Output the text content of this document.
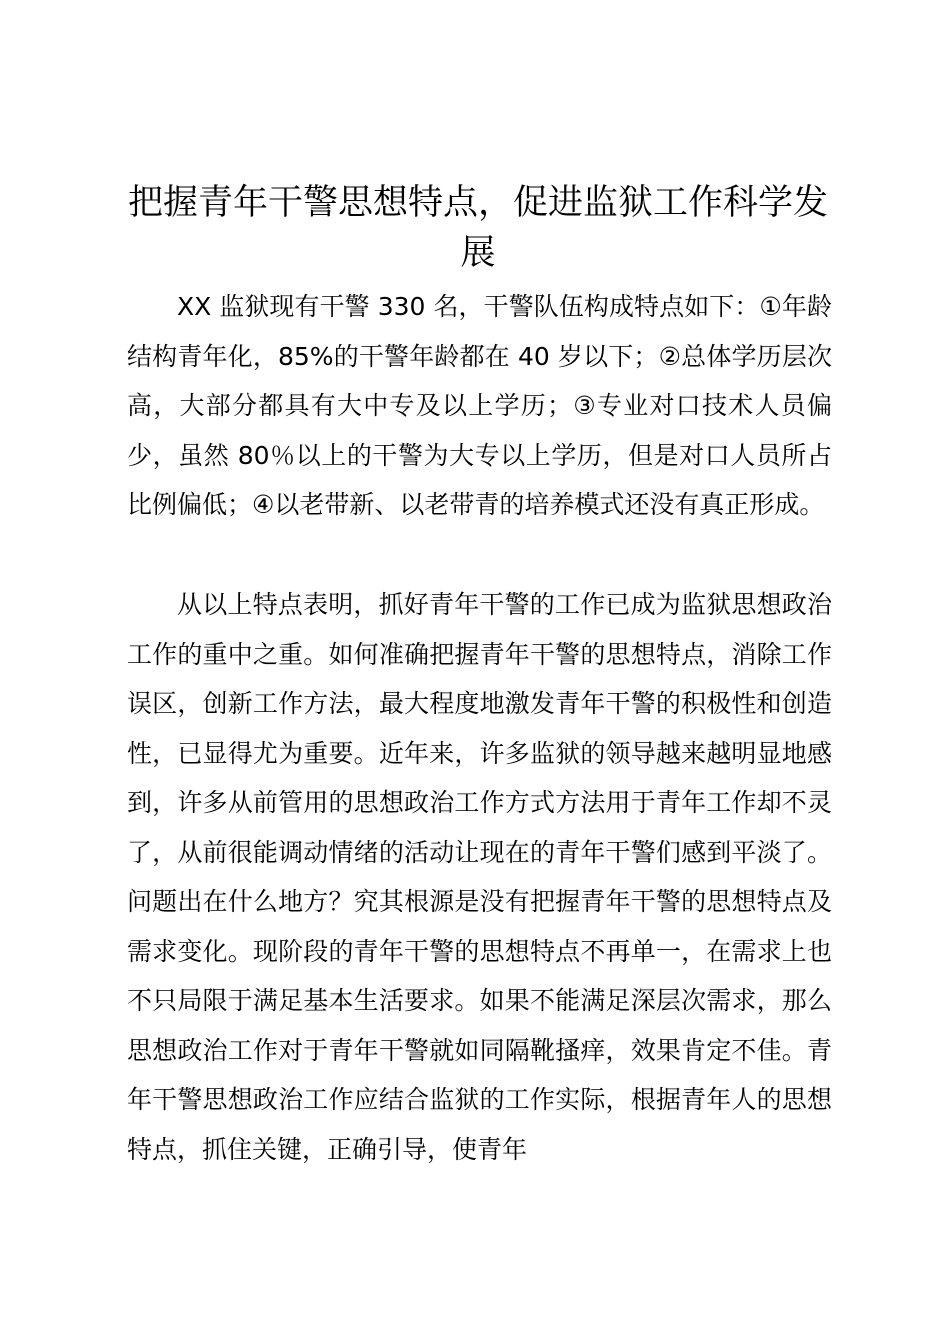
把握青年干警思想特点，促进监狱工作科学发展

XX 监狱现有干警 330 名，干警队伍构成特点如下：①年龄结构青年化，85%的干警年龄都在 40 岁以下；②总体学历层次高，大部分都具有大中专及以上学历；③专业对口技术人员偏少，虽然 80％以上的干警为大专以上学历，但是对口人员所占比例偏低；④以老带新、以老带青的培养模式还没有真正形成。

从以上特点表明，抓好青年干警的工作已成为监狱思想政治工作的重中之重。如何准确把握青年干警的思想特点，消除工作误区，创新工作方法，最大程度地激发青年干警的积极性和创造性，已显得尤为重要。近年来，许多监狱的领导越来越明显地感到，许多从前管用的思想政治工作方式方法用于青年工作却不灵了，从前很能调动情绪的活动让现在的青年干警们感到平淡了。问题出在什么地方？究其根源是没有把握青年干警的思想特点及需求变化。现阶段的青年干警的思想特点不再单一，在需求上也不只局限于满足基本生活要求。如果不能满足深层次需求，那么思想政治工作对于青年干警就如同隔靴搔痒，效果肯定不佳。青年干警思想政治工作应结合监狱的工作实际，根据青年人的思想特点，抓住关键，正确引导，使青年
